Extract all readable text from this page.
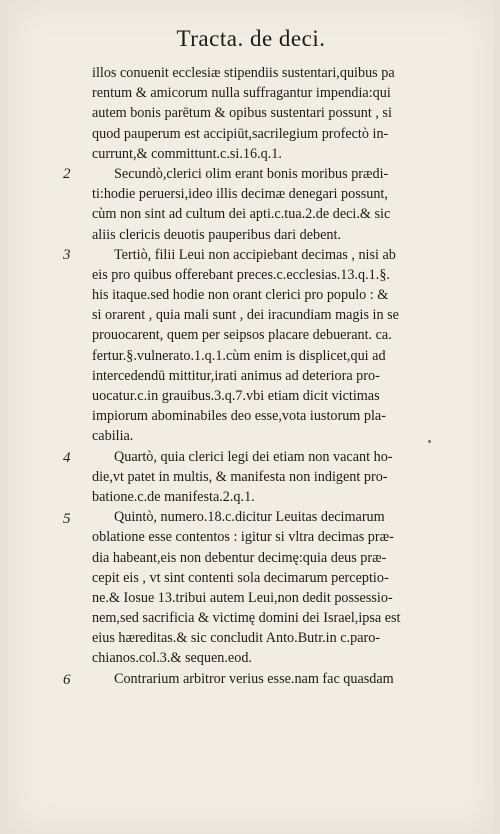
Tracta. de deci.
2
3
4
5
6
illos conuenit ecclesiæ stipendiis sustentari,quibus pa
rentum & amicorum nulla suffragantur impendia:qui
autem bonis parētum & opibus sustentari possunt , si
quod pauperum est accipiūt,sacrilegium profectò in-
currunt,& committunt.c.si.16.q.1.
Secundò,clerici olim erant bonis moribus prædi-
ti:hodie peruersi,ideo illis decimæ denegari possunt,
cùm non sint ad cultum dei apti.c.tua.2.de deci.& sic
aliis clericis deuotis pauperibus dari debent.
Tertiò, filii Leui non accipiebant decimas , nisi ab
eis pro quibus offerebant preces.c.ecclesias.13.q.1.§.
his itaque.sed hodie non orant clerici pro populo : &
si orarent , quia mali sunt , dei iracundiam magis in se
prouocarent, quem per seipsos placare debuerant. ca.
fertur.§.vulnerato.1.q.1.cùm enim is displicet,qui ad
intercedendū mittitur,irati animus ad deteriora pro-
uocatur.c.in grauibus.3.q.7.vbi etiam dicit victimas
impiorum abominabiles deo esse,vota iustorum pla-
cabilia.
Quartò, quia clerici legi dei etiam non vacant ho-
die,vt patet in multis, & manifesta non indigent pro-
batione.c.de manifesta.2.q.1.
Quintò, numero.18.c.dicitur Leuitas decimarum
oblatione esse contentos : igitur si vltra decimas præ-
dia habeant,eis non debentur decimę:quia deus præ-
cepit eis , vt sint contenti sola decimarum perceptio-
ne.& Iosue 13.tribui autem Leui,non dedit possessio-
nem,sed sacrificia & victimę domini dei Israel,ipsa est
eius hæreditas.& sic concludit Anto.Butr.in c.paro-
chianos.col.3.& sequen.eod.
Contrarium arbitror verius esse.nam fac quasdam
